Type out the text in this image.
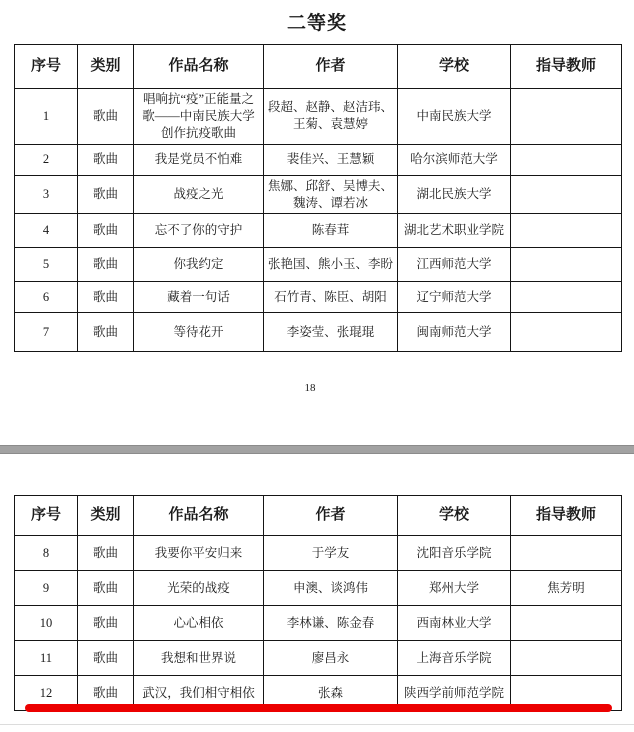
二等奖
序号	类别	作品名称	作者	学校	指导教师
1	歌曲	唱响抗“疫”正能量之歌——中南民族大学创作抗疫歌曲	段超、赵静、赵洁玮、王菊、袁慧婷	中南民族大学	
2	歌曲	我是党员不怕难	裴佳兴、王慧颖	哈尔滨师范大学	
3	歌曲	战疫之光	焦娜、邱舒、吴博夫、魏涛、谭若冰	湖北民族大学	
4	歌曲	忘不了你的守护	陈春茸	湖北艺术职业学院	
5	歌曲	你我约定	张艳国、熊小玉、李盼	江西师范大学	
6	歌曲	藏着一句话	石竹青、陈臣、胡阳	辽宁师范大学	
7	歌曲	等待花开	李姿莹、张琨琨	闽南师范大学	
18
序号	类别	作品名称	作者	学校	指导教师
8	歌曲	我要你平安归来	于学友	沈阳音乐学院	
9	歌曲	光荣的战疫	申澳、谈鸿伟	郑州大学	焦芳明
10	歌曲	心心相依	李林谦、陈金春	西南林业大学	
11	歌曲	我想和世界说	廖昌永	上海音乐学院	
12	歌曲	武汉，我们相守相依	张森	陕西学前师范学院	
